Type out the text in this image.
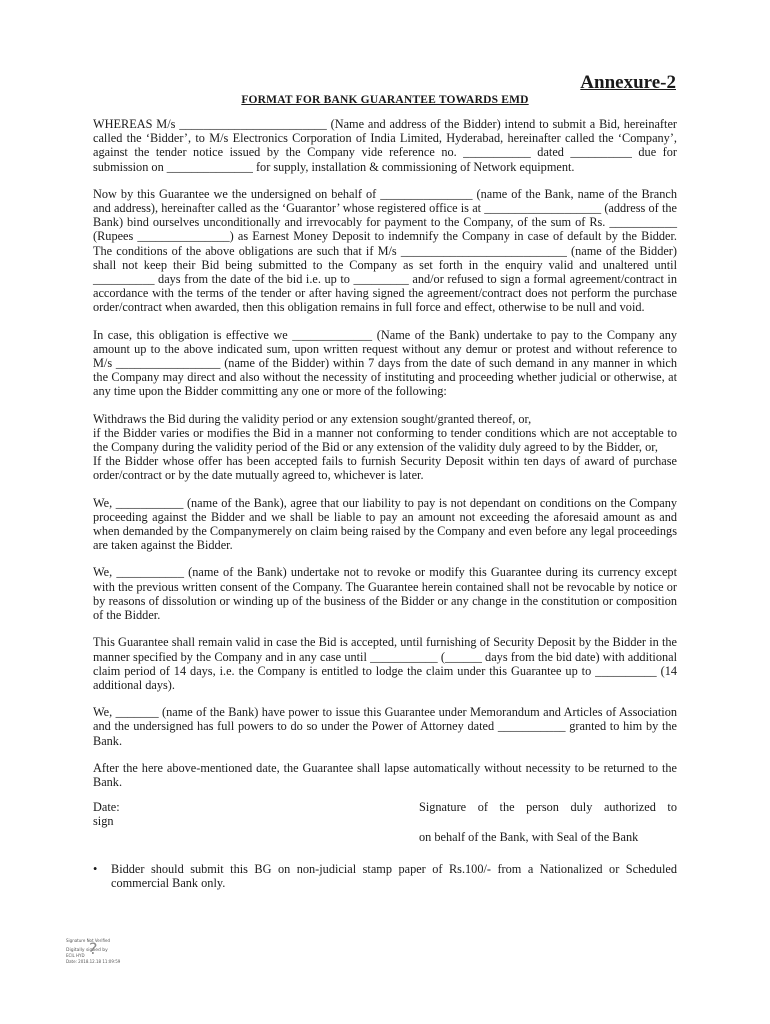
Annexure-2
FORMAT FOR BANK GUARANTEE TOWARDS EMD

WHEREAS M/s ________________________ (Name and address of the Bidder) intend to submit a Bid, hereinafter called the ‘Bidder’, to M/s Electronics Corporation of India Limited, Hyderabad, hereinafter called the ‘Company’, against the tender notice issued by the Company vide reference no. ___________ dated __________ due for submission on ______________ for supply, installation & commissioning of Network equipment.

Now by this Guarantee we the undersigned on behalf of _______________ (name of the Bank, name of the Branch and address), hereinafter called as the ‘Guarantor’ whose registered office is at ___________________ (address of the Bank) bind ourselves unconditionally and irrevocably for payment to the Company, of the sum of Rs. ___________ (Rupees _______________) as Earnest Money Deposit to indemnify the Company in case of default by the Bidder. The conditions of the above obligations are such that if M/s ___________________________ (name of the Bidder) shall not keep their Bid being submitted to the Company as set forth in the enquiry valid and unaltered until __________ days from the date of the bid i.e. up to _________ and/or refused to sign a formal agreement/contract in accordance with the terms of the tender or after having signed the agreement/contract does not perform the purchase order/contract when awarded, then this obligation remains in full force and effect, otherwise to be null and void.

In case, this obligation is effective we _____________ (Name of the Bank) undertake to pay to the Company any amount up to the above indicated sum, upon written request without any demur or protest and without reference to M/s _________________ (name of the Bidder) within 7 days from the date of such demand in any manner in which the Company may direct and also without the necessity of instituting and proceeding whether judicial or otherwise, at any time upon the Bidder committing any one or more of the following:

Withdraws the Bid during the validity period or any extension sought/granted thereof, or,

if the Bidder varies or modifies the Bid in a manner not conforming to tender conditions which are not acceptable to the Company during the validity period of the Bid or any extension of the validity duly agreed to by the Bidder, or,

If the Bidder whose offer has been accepted fails to furnish Security Deposit within ten days of award of purchase order/contract or by the date mutually agreed to, whichever is later.

We, ___________ (name of the Bank), agree that our liability to pay is not dependant on conditions on the Company proceeding against the Bidder and we shall be liable to pay an amount not exceeding the aforesaid amount as and when demanded by the Companymerely on claim being raised by the Company and even before any legal proceedings are taken against the Bidder.

We, ___________ (name of the Bank) undertake not to revoke or modify this Guarantee during its currency except with the previous written consent of the Company. The Guarantee herein contained shall not be revocable by notice or by reasons of dissolution or winding up of the business of the Bidder or any change in the constitution or composition of the Bidder.

This Guarantee shall remain valid in case the Bid is accepted, until furnishing of Security Deposit by the Bidder in the manner specified by the Company and in any case until ___________ (______ days from the bid date) with additional claim period of 14 days, i.e. the Company is entitled to lodge the claim under this Guarantee up to __________ (14 additional days).

We, _______ (name of the Bank) have power to issue this Guarantee under Memorandum and Articles of Association and the undersigned has full powers to do so under the Power of Attorney dated ___________ granted to him by the Bank.

After the here above-mentioned date, the Guarantee shall lapse automatically without necessity to be returned to the Bank.

Date:
sign
Signature of the person duly authorized to
on behalf of the Bank, with Seal of the Bank
• Bidder should submit this BG on non-judicial stamp paper of Rs.100/- from a Nationalized or Scheduled commercial Bank only.
Signature Not Verified
?
Digitally signed by
ECIL HYD
Date: 2018.12.18 11:09:59
